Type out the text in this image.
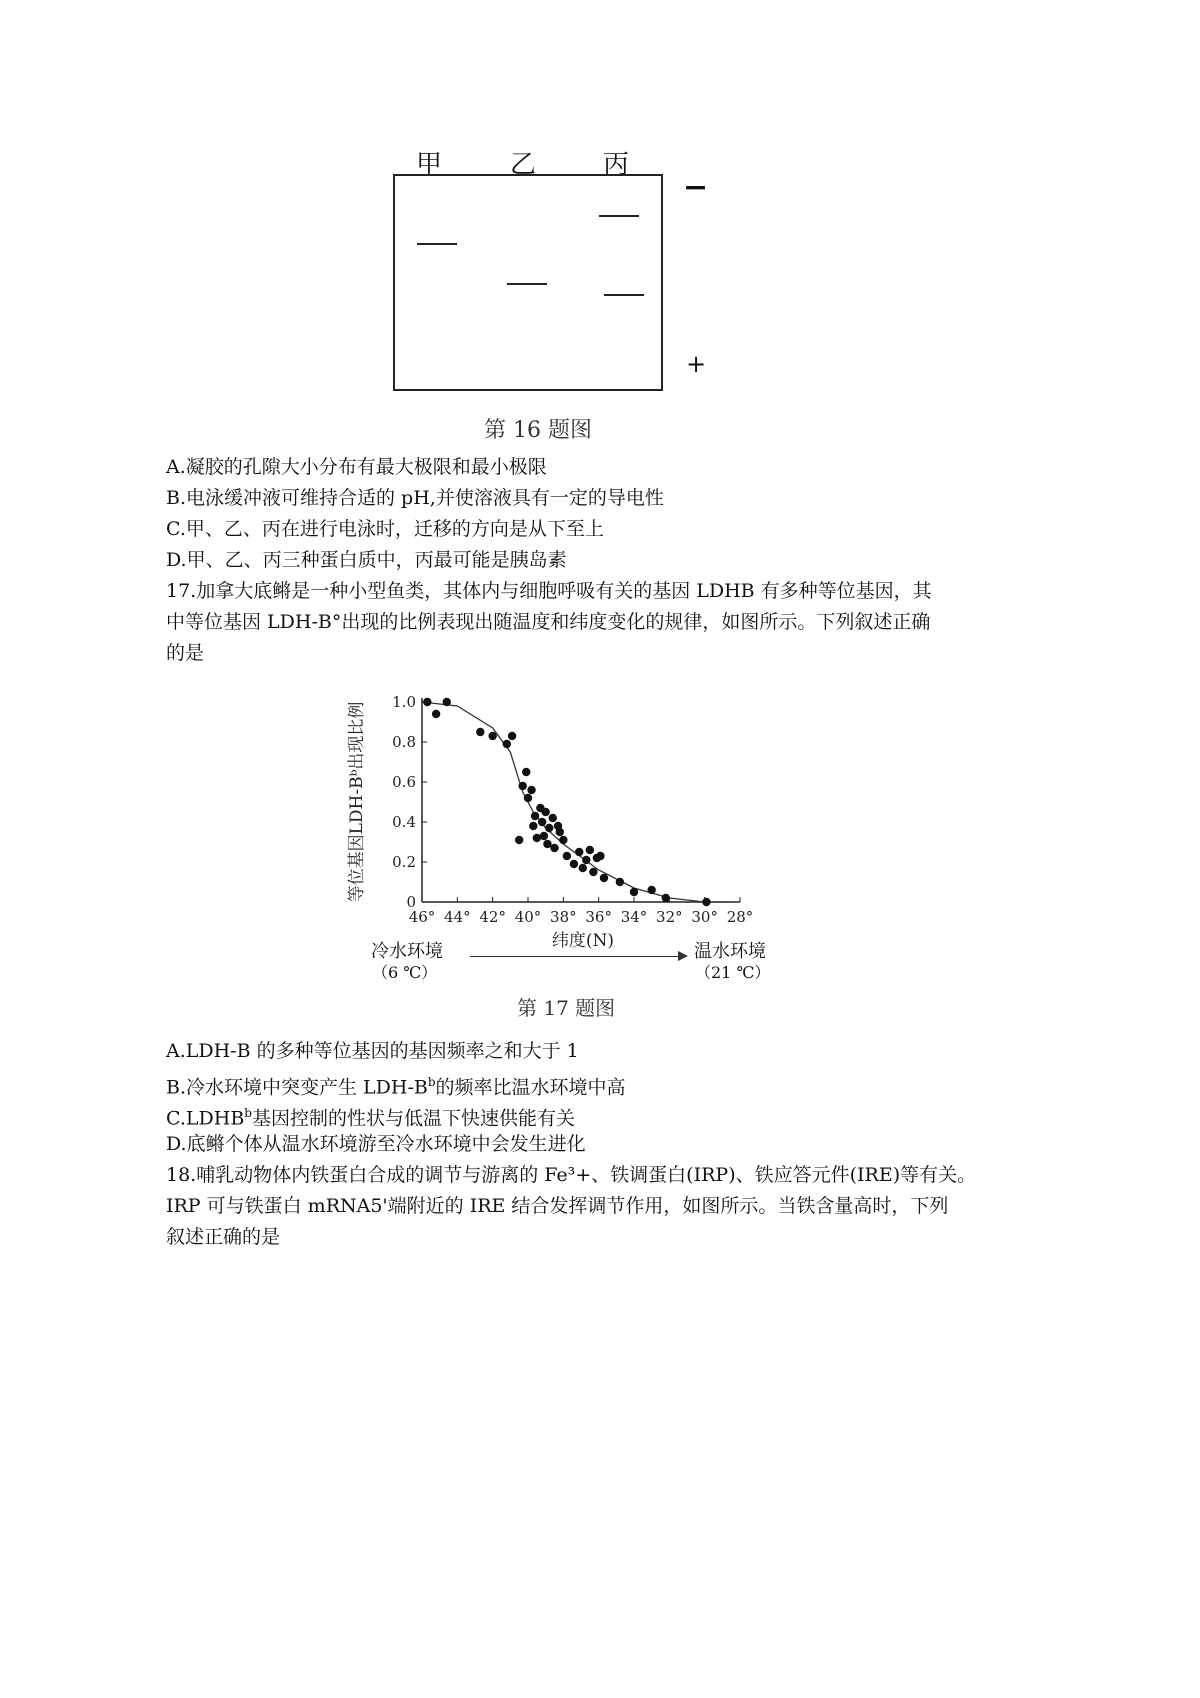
甲	乙	丙
−
+
第 16 题图
A.凝胶的孔隙大小分布有最大极限和最小极限
B.电泳缓冲液可维持合适的 pH,并使溶液具有一定的导电性
C.甲、乙、丙在进行电泳时，迁移的方向是从下至上
D.甲、乙、丙三种蛋白质中，丙最可能是胰岛素
17.加拿大底鳉是一种小型鱼类，其体内与细胞呼吸有关的基因 LDHB 有多种等位基因，其
中等位基因 LDH-B°出现的比例表现出随温度和纬度变化的规律，如图所示。下列叙述正确
的是
0
0.2
0.4
0.6
0.8
1.0
46° 44° 42° 40° 38° 36° 34° 32° 30° 28°
纬度(N)
等位基因LDH-Bᵇ出现比例
冷水环境
（6 ℃）
温水环境
（21 ℃）
第 17 题图
A.LDH-B 的多种等位基因的基因频率之和大于 1
B.冷水环境中突变产生 LDH-$B^b$的频率比温水环境中高
C.LDHB$^b$基因控制的性状与低温下快速供能有关
D.底鳉个体从温水环境游至冷水环境中会发生进化
18.哺乳动物体内铁蛋白合成的调节与游离的 Fe³+、铁调蛋白(IRP)、铁应答元件(IRE)等有关。
IRP 可与铁蛋白 mRNA5'端附近的 IRE 结合发挥调节作用，如图所示。当铁含量高时，下列
叙述正确的是
